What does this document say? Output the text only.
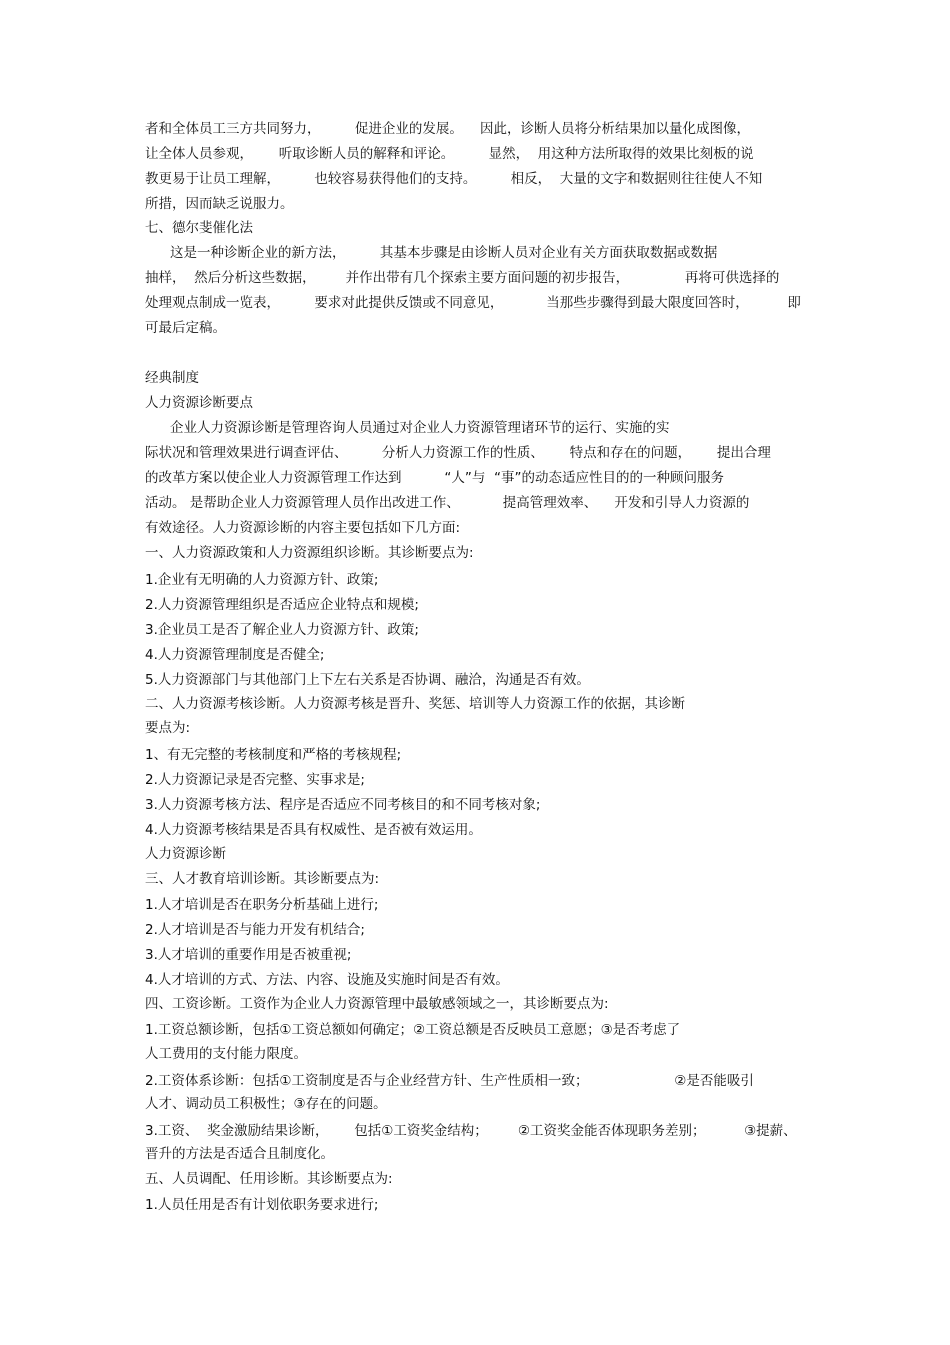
者和全体员工三方共同努力，        促进企业的发展。    因此，诊断人员将分析结果加以量化成图像，

让全体人员参观，      听取诊断人员的解释和评论。        显然，  用这种方法所取得的效果比刻板的说

教更易于让员工理解，        也较容易获得他们的支持。        相反，  大量的文字和数据则往往使人不知

所措，因而缺乏说服力。

七、德尔斐催化法

这是一种诊断企业的新方法，        其基本步骤是由诊断人员对企业有关方面获取数据或数据

抽样，  然后分析这些数据，       并作出带有几个探索主要方面问题的初步报告，             再将可供选择的

处理观点制成一览表，        要求对此提供反馈或不同意见，          当那些步骤得到最大限度回答时，         即

可最后定稿。

经典制度

人力资源诊断要点

企业人力资源诊断是管理咨询人员通过对企业人力资源管理诸环节的运行、实施的实

际状况和管理效果进行调查评估、        分析人力资源工作的性质、      特点和存在的问题，      提出合理

的改革方案以使企业人力资源管理工作达到          “人”与  “事”的动态适应性目的的一种顾问服务

活动。 是帮助企业人力资源管理人员作出改进工作、          提高管理效率、    开发和引导人力资源的

有效途径。人力资源诊断的内容主要包括如下几方面:

一、人力资源政策和人力资源组织诊断。其诊断要点为:

1.企业有无明确的人力资源方针、政策;

2.人力资源管理组织是否适应企业特点和规模;

3.企业员工是否了解企业人力资源方针、政策;

4.人力资源管理制度是否健全;

5.人力资源部门与其他部门上下左右关系是否协调、融洽，沟通是否有效。

二、人力资源考核诊断。人力资源考核是晋升、奖惩、培训等人力资源工作的依据，其诊断

要点为:

1、有无完整的考核制度和严格的考核规程;

2.人力资源记录是否完整、实事求是;

3.人力资源考核方法、程序是否适应不同考核目的和不同考核对象;

4.人力资源考核结果是否具有权威性、是否被有效运用。

人力资源诊断

三、人才教育培训诊断。其诊断要点为:

1.人才培训是否在职务分析基础上进行;

2.人才培训是否与能力开发有机结合;

3.人才培训的重要作用是否被重视;

4.人才培训的方式、方法、内容、设施及实施时间是否有效。

四、工资诊断。工资作为企业人力资源管理中最敏感领域之一，其诊断要点为:

1.工资总额诊断，包括①工资总额如何确定；②工资总额是否反映员工意愿；③是否考虑了

人工费用的支付能力限度。

2.工资体系诊断：包括①工资制度是否与企业经营方针、生产性质相一致；                    ②是否能吸引

人才、调动员工积极性；③存在的问题。

3.工资、  奖金激励结果诊断，      包括①工资奖金结构；       ②工资奖金能否体现职务差别；         ③提薪、

晋升的方法是否适合且制度化。

五、人员调配、任用诊断。其诊断要点为:

1.人员任用是否有计划依职务要求进行;
